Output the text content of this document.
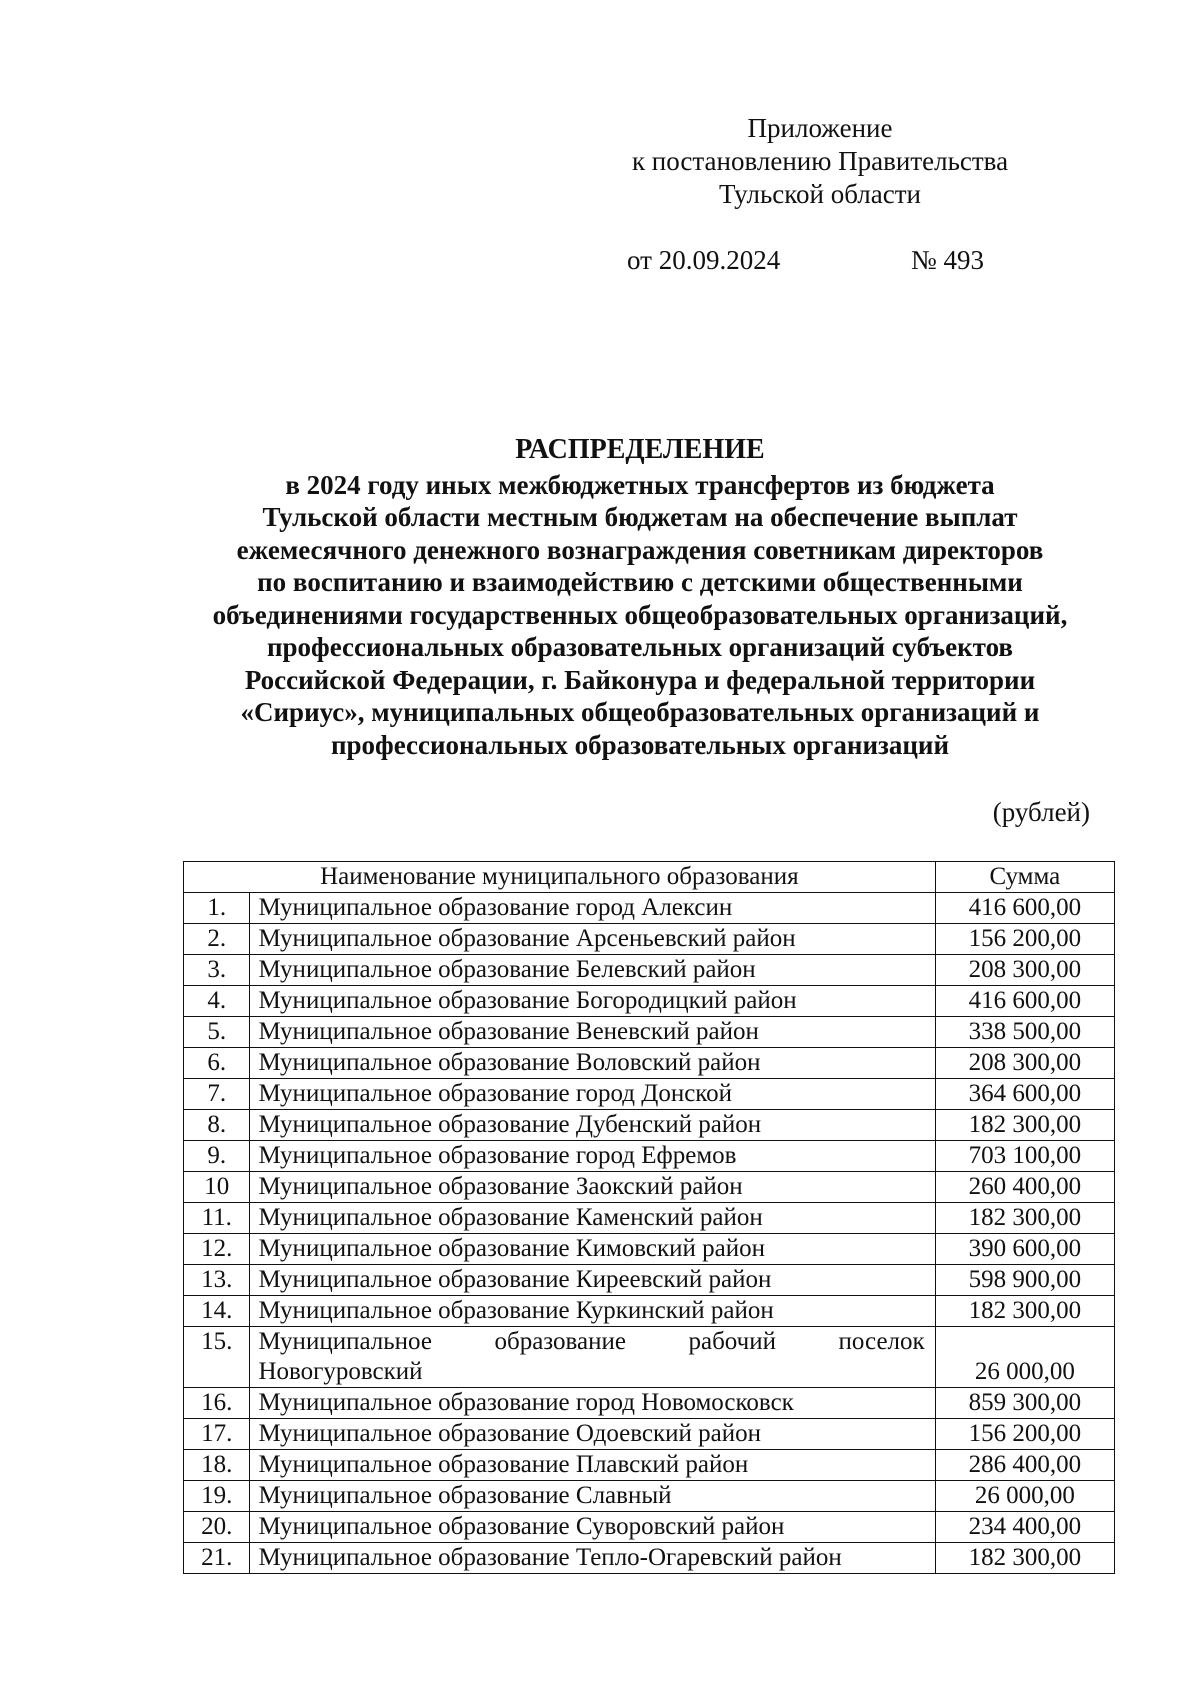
Приложение
к постановлению Правительства
Тульской области
от 20.09.2024	№ 493
РАСПРЕДЕЛЕНИЕ
в 2024 году иных межбюджетных трансфертов из бюджета
Тульской области местным бюджетам на обеспечение выплат
ежемесячного денежного вознаграждения советникам директоров
по воспитанию и взаимодействию с детскими общественными
объединениями государственных общеобразовательных организаций,
профессиональных образовательных организаций субъектов
Российской Федерации, г. Байконура и федеральной территории
«Сириус», муниципальных общеобразовательных организаций и
профессиональных образовательных организаций
(рублей)
Наименование муниципального образования		Сумма
1.	Муниципальное образование город Алексин	416 600,00
2.	Муниципальное образование Арсеньевский район	156 200,00
3.	Муниципальное образование Белевский район	208 300,00
4.	Муниципальное образование Богородицкий район	416 600,00
5.	Муниципальное образование Веневский район	338 500,00
6.	Муниципальное образование Воловский район	208 300,00
7.	Муниципальное образование город Донской	364 600,00
8.	Муниципальное образование Дубенский район	182 300,00
9.	Муниципальное образование город Ефремов	703 100,00
10	Муниципальное образование Заокский район	260 400,00
11.	Муниципальное образование Каменский район	182 300,00
12.	Муниципальное образование Кимовский район	390 600,00
13.	Муниципальное образование Киреевский район	598 900,00
14.	Муниципальное образование Куркинский район	182 300,00
15.	Муниципальное образование рабочий поселок Новогуровский	26 000,00
16.	Муниципальное образование город Новомосковск	859 300,00
17.	Муниципальное образование Одоевский район	156 200,00
18.	Муниципальное образование Плавский район	286 400,00
19.	Муниципальное образование Славный	26 000,00
20.	Муниципальное образование Суворовский район	234 400,00
21.	Муниципальное образование Тепло-Огаревский район	182 300,00
